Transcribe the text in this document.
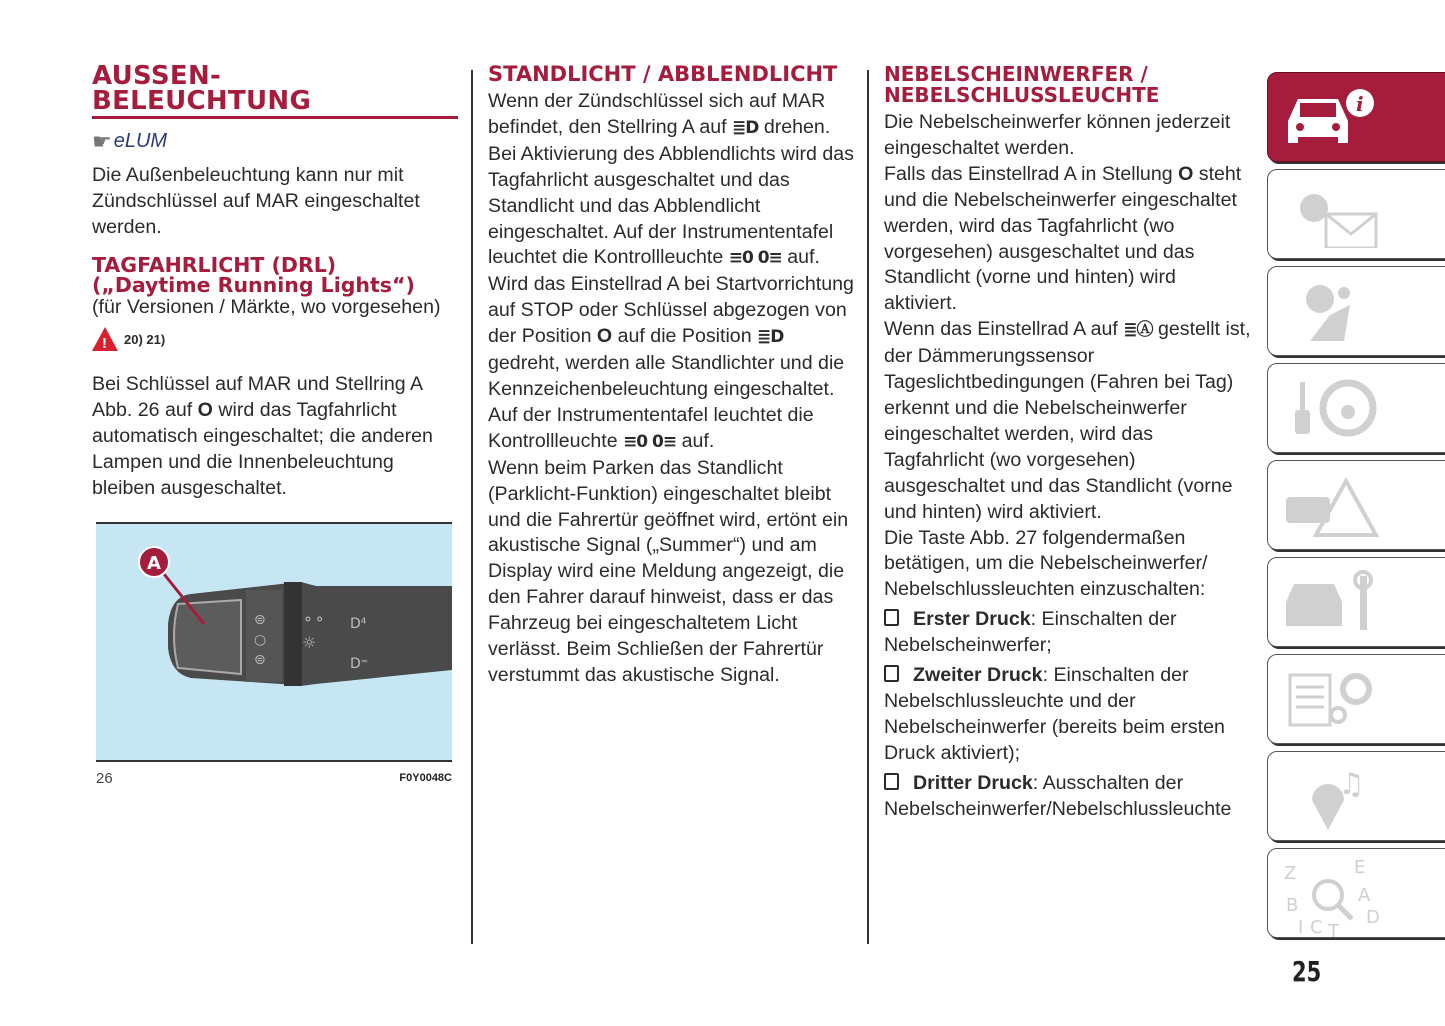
AUSSEN-
BELEUCHTUNG
☛ eLUM

Die Außenbeleuchtung kann nur mit Zündschlüssel auf MAR eingeschaltet werden.

TAGFAHRLICHT (DRL) („Daytime Running Lights“)

(für Versionen / Märkte, wo vorgesehen)

! 20) 21)

Bei Schlüssel auf MAR und Stellring A Abb. 26 auf O wird das Tagfahrlicht automatisch eingeschaltet; die anderen Lampen und die Innenbeleuchtung bleiben ausgeschaltet.

⊜
○
⊜
⚬⚬
☼
D⁴
D⁼
A
26	F0Y0048C
STANDLICHT / ABBLENDLICHT

Wenn der Zündschlüssel sich auf MAR befindet, den Stellring A auf ≣D drehen. Bei Aktivierung des Abblendlichts wird das Tagfahrlicht ausgeschaltet und das Standlicht und das Abblendlicht eingeschaltet. Auf der Instrumententafel leuchtet die Kontrollleuchte ≡0 0≡ auf. Wird das Einstellrad A bei Startvorrichtung auf STOP oder Schlüssel abgezogen von der Position O auf die Position ≣D gedreht, werden alle Standlichter und die Kennzeichenbeleuchtung eingeschaltet. Auf der Instrumententafel leuchtet die Kontrollleuchte ≡0 0≡ auf.

Wenn beim Parken das Standlicht (Parklicht-Funktion) eingeschaltet bleibt und die Fahrertür geöffnet wird, ertönt ein akustische Signal („Summer“) und am Display wird eine Meldung angezeigt, die den Fahrer darauf hinweist, dass er das Fahrzeug bei eingeschaltetem Licht verlässt. Beim Schließen der Fahrertür verstummt das akustische Signal.

NEBELSCHEINWERFER / NEBELSCHLUSSLEUCHTE

Die Nebelscheinwerfer können jederzeit eingeschaltet werden.

Falls das Einstellrad A in Stellung O steht und die Nebelscheinwerfer eingeschaltet werden, wird das Tagfahrlicht (wo vorgesehen) ausgeschaltet und das Standlicht (vorne und hinten) wird aktiviert.

Wenn das Einstellrad A auf ≣Ⓐ gestellt ist, der Dämmerungssensor Tageslichtbedingungen (Fahren bei Tag) erkennt und die Nebelscheinwerfer eingeschaltet werden, wird das Tagfahrlicht (wo vorgesehen) ausgeschaltet und das Standlicht (vorne und hinten) wird aktiviert.

Die Taste Abb. 27 folgendermaßen betätigen, um die Nebelscheinwerfer/ Nebelschlussleuchten einzuschalten:

Erster Druck: Einschalten der Nebelscheinwerfer;

Zweiter Druck: Einschalten der Nebelschlussleuchte und der Nebelscheinwerfer (bereits beim ersten Druck aktiviert);

Dritter Druck: Ausschalten der Nebelscheinwerfer/Nebelschlussleuchte

i
♫
Z	E
B	A
I C T
D
25
